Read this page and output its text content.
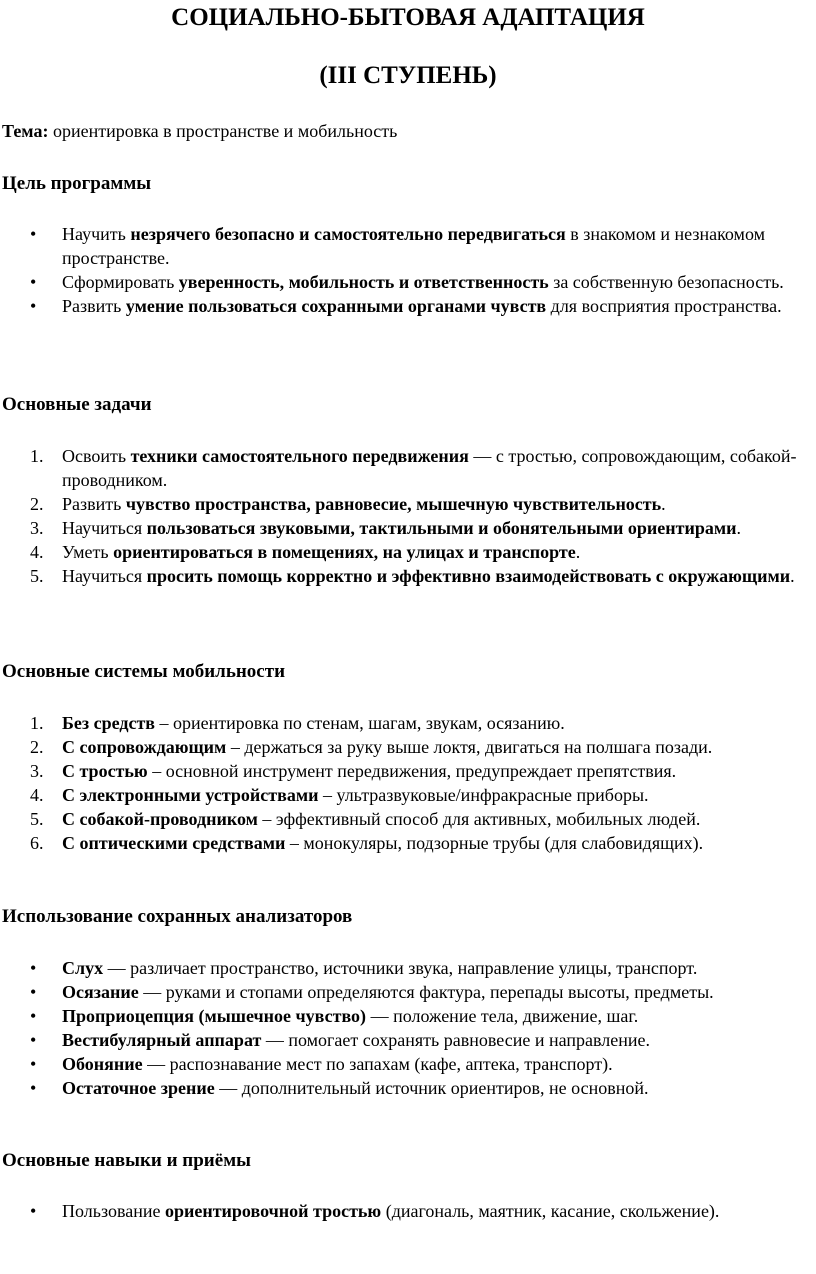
СОЦИАЛЬНО-БЫТОВАЯ АДАПТАЦИЯ
(III СТУПЕНЬ)
Тема: ориентировка в пространстве и мобильность
Цель программы
• Научить незрячего безопасно и самостоятельно передвигаться в знакомом и незнакомом пространстве.
• Сформировать уверенность, мобильность и ответственность за собственную безопасность.
• Развить умение пользоваться сохранными органами чувств для восприятия пространства.
Основные задачи
1. Освоить техники самостоятельного передвижения — с тростью, сопровождающим, собакой-проводником.
2. Развить чувство пространства, равновесие, мышечную чувствительность.
3. Научиться пользоваться звуковыми, тактильными и обонятельными ориентирами.
4. Уметь ориентироваться в помещениях, на улицах и транспорте.
5. Научиться просить помощь корректно и эффективно взаимодействовать с окружающими.
Основные системы мобильности
1. Без средств – ориентировка по стенам, шагам, звукам, осязанию.
2. С сопровождающим – держаться за руку выше локтя, двигаться на полшага позади.
3. С тростью – основной инструмент передвижения, предупреждает препятствия.
4. С электронными устройствами – ультразвуковые/инфракрасные приборы.
5. С собакой-проводником – эффективный способ для активных, мобильных людей.
6. С оптическими средствами – монокуляры, подзорные трубы (для слабовидящих).
Использование сохранных анализаторов
• Слух — различает пространство, источники звука, направление улицы, транспорт.
• Осязание — руками и стопами определяются фактура, перепады высоты, предметы.
• Проприоцепция (мышечное чувство) — положение тела, движение, шаг.
• Вестибулярный аппарат — помогает сохранять равновесие и направление.
• Обоняние — распознавание мест по запахам (кафе, аптека, транспорт).
• Остаточное зрение — дополнительный источник ориентиров, не основной.
Основные навыки и приёмы
• Пользование ориентировочной тростью (диагональ, маятник, касание, скольжение).
